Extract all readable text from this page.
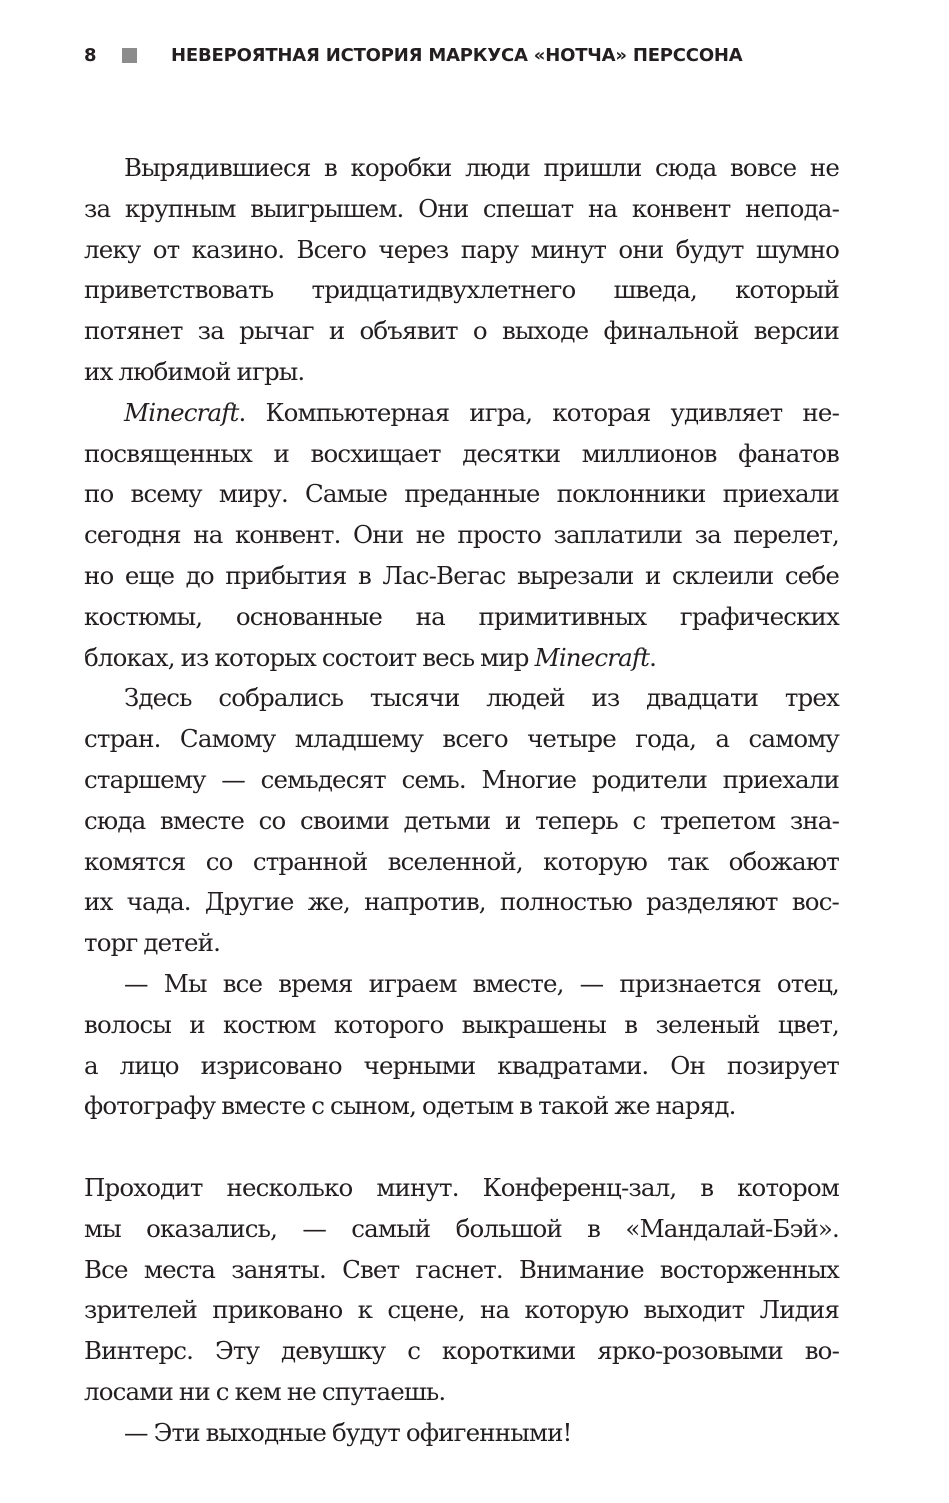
8	НЕВЕРОЯТНАЯ ИСТОРИЯ МАРКУСА «НОТЧА» ПЕРССОНА

Вырядившиеся в коробки люди пришли сюда вовсе не
за крупным выигрышем. Они спешат на конвент непода-
леку от казино. Всего через пару минут они будут шумно
приветствовать тридцатидвухлетнего шведа, который
потянет за рычаг и объявит о выходе финальной версии
их любимой игры.

Minecraft. Компьютерная игра, которая удивляет не-
посвященных и восхищает десятки миллионов фанатов
по всему миру. Самые преданные поклонники приехали
сегодня на конвент. Они не просто заплатили за перелет,
но еще до прибытия в Лас-Вегас вырезали и склеили себе
костюмы, основанные на примитивных графических
блоках, из которых состоит весь мир Minecraft.

Здесь собрались тысячи людей из двадцати трех
стран. Самому младшему всего четыре года, а самому
старшему — семьдесят семь. Многие родители приехали
сюда вместе со своими детьми и теперь с трепетом зна-
комятся со странной вселенной, которую так обожают
их чада. Другие же, напротив, полностью разделяют вос-
торг детей.

— Мы все время играем вместе, — признается отец,
волосы и костюм которого выкрашены в зеленый цвет,
а лицо изрисовано черными квадратами. Он позирует
фотографу вместе с сыном, одетым в такой же наряд.

Проходит несколько минут. Конференц-зал, в котором
мы оказались, — самый большой в «Мандалай-Бэй».
Все места заняты. Свет гаснет. Внимание восторженных
зрителей приковано к сцене, на которую выходит Лидия
Винтерс. Эту девушку с короткими ярко-розовыми во-
лосами ни с кем не спутаешь.

— Эти выходные будут офигенными!
